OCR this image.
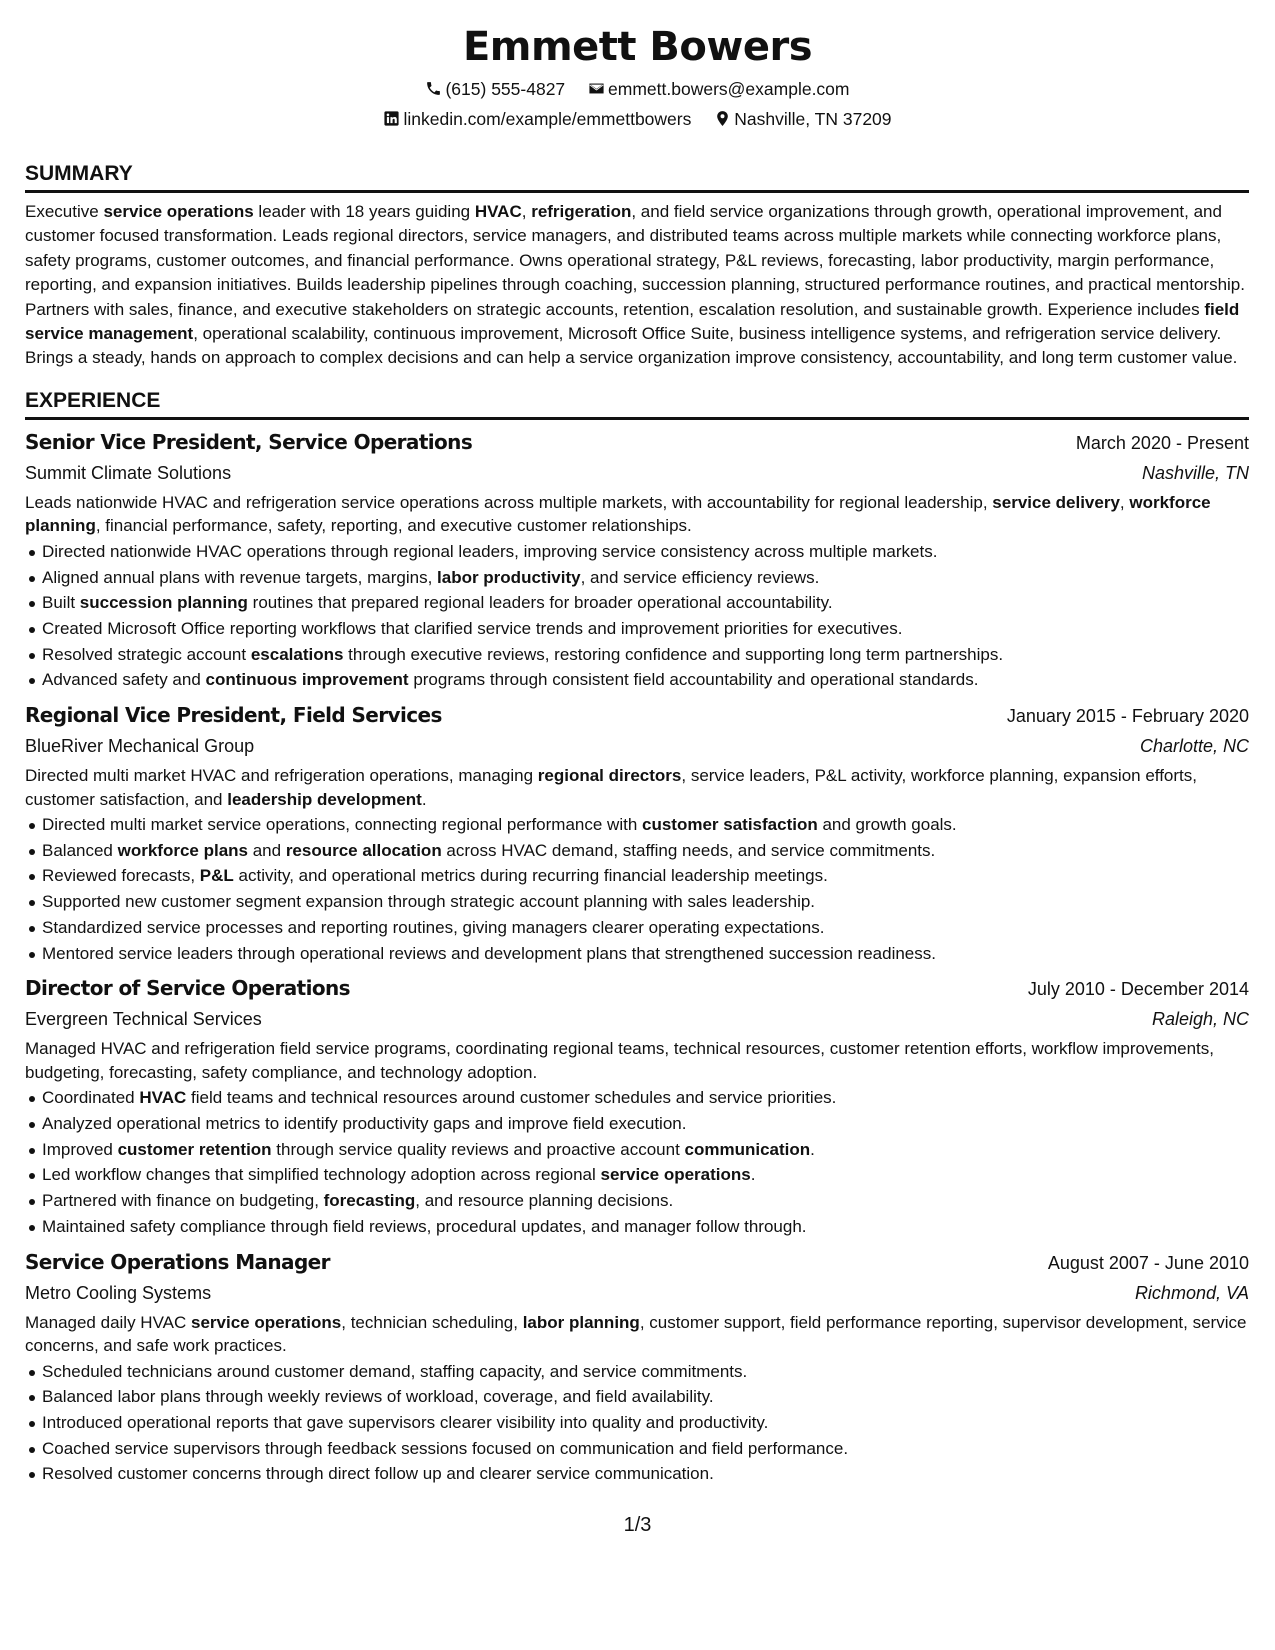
Emmett Bowers
(615) 555-4827 emmett.bowers@example.com
linkedin.com/example/emmettbowers Nashville, TN 37209
SUMMARY

Executive service operations leader with 18 years guiding HVAC, refrigeration, and field service organizations through growth, operational improvement, and customer focused transformation. Leads regional directors, service managers, and distributed teams across multiple markets while connecting workforce plans, safety programs, customer outcomes, and financial performance. Owns operational strategy, P&L reviews, forecasting, labor productivity, margin performance, reporting, and expansion initiatives. Builds leadership pipelines through coaching, succession planning, structured performance routines, and practical mentorship. Partners with sales, finance, and executive stakeholders on strategic accounts, retention, escalation resolution, and sustainable growth. Experience includes field service management, operational scalability, continuous improvement, Microsoft Office Suite, business intelligence systems, and refrigeration service delivery. Brings a steady, hands on approach to complex decisions and can help a service organization improve consistency, accountability, and long term customer value.

EXPERIENCE
Senior Vice President, Service Operations	March 2020 - Present
Summit Climate Solutions	Nashville, TN

Leads nationwide HVAC and refrigeration service operations across multiple markets, with accountability for regional leadership, service delivery, workforce planning, financial performance, safety, reporting, and executive customer relationships.

Directed nationwide HVAC operations through regional leaders, improving service consistency across multiple markets.
Aligned annual plans with revenue targets, margins, labor productivity, and service efficiency reviews.
Built succession planning routines that prepared regional leaders for broader operational accountability.
Created Microsoft Office reporting workflows that clarified service trends and improvement priorities for executives.
Resolved strategic account escalations through executive reviews, restoring confidence and supporting long term partnerships.
Advanced safety and continuous improvement programs through consistent field accountability and operational standards.
Regional Vice President, Field Services	January 2015 - February 2020
BlueRiver Mechanical Group	Charlotte, NC

Directed multi market HVAC and refrigeration operations, managing regional directors, service leaders, P&L activity, workforce planning, expansion efforts, customer satisfaction, and leadership development.

Directed multi market service operations, connecting regional performance with customer satisfaction and growth goals.
Balanced workforce plans and resource allocation across HVAC demand, staffing needs, and service commitments.
Reviewed forecasts, P&L activity, and operational metrics during recurring financial leadership meetings.
Supported new customer segment expansion through strategic account planning with sales leadership.
Standardized service processes and reporting routines, giving managers clearer operating expectations.
Mentored service leaders through operational reviews and development plans that strengthened succession readiness.
Director of Service Operations	July 2010 - December 2014
Evergreen Technical Services	Raleigh, NC

Managed HVAC and refrigeration field service programs, coordinating regional teams, technical resources, customer retention efforts, workflow improvements, budgeting, forecasting, safety compliance, and technology adoption.

Coordinated HVAC field teams and technical resources around customer schedules and service priorities.
Analyzed operational metrics to identify productivity gaps and improve field execution.
Improved customer retention through service quality reviews and proactive account communication.
Led workflow changes that simplified technology adoption across regional service operations.
Partnered with finance on budgeting, forecasting, and resource planning decisions.
Maintained safety compliance through field reviews, procedural updates, and manager follow through.
Service Operations Manager	August 2007 - June 2010
Metro Cooling Systems	Richmond, VA

Managed daily HVAC service operations, technician scheduling, labor planning, customer support, field performance reporting, supervisor development, service concerns, and safe work practices.

Scheduled technicians around customer demand, staffing capacity, and service commitments.
Balanced labor plans through weekly reviews of workload, coverage, and field availability.
Introduced operational reports that gave supervisors clearer visibility into quality and productivity.
Coached service supervisors through feedback sessions focused on communication and field performance.
Resolved customer concerns through direct follow up and clearer service communication.
1/3
